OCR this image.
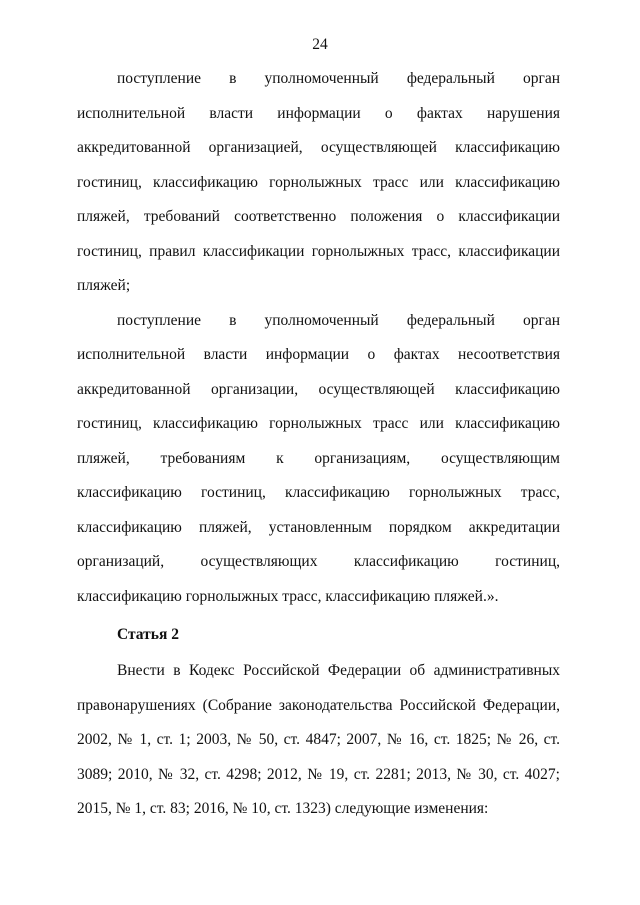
24

поступление в уполномоченный федеральный орган исполнительной власти информации о фактах нарушения аккредитованной организацией, осуществляющей классификацию гостиниц, классификацию горнолыжных трасс или классификацию пляжей, требований соответственно положения о классификации гостиниц, правил классификации горнолыжных трасс, классификации пляжей;

поступление в уполномоченный федеральный орган исполнительной власти информации о фактах несоответствия аккредитованной организации, осуществляющей классификацию гостиниц, классификацию горнолыжных трасс или классификацию пляжей, требованиям к организациям, осуществляющим классификацию гостиниц, классификацию горнолыжных трасс, классификацию пляжей, установленным порядком аккредитации организаций, осуществляющих классификацию гостиниц, классификацию горнолыжных трасс, классификацию пляжей.».

Статья 2

Внести в Кодекс Российской Федерации об административных правонарушениях (Собрание законодательства Российской Федерации, 2002, № 1, ст. 1; 2003, № 50, ст. 4847; 2007, № 16, ст. 1825; № 26, ст. 3089; 2010, № 32, ст. 4298; 2012, № 19, ст. 2281; 2013, № 30, ст. 4027; 2015, № 1, ст. 83; 2016, № 10, ст. 1323) следующие изменения:
